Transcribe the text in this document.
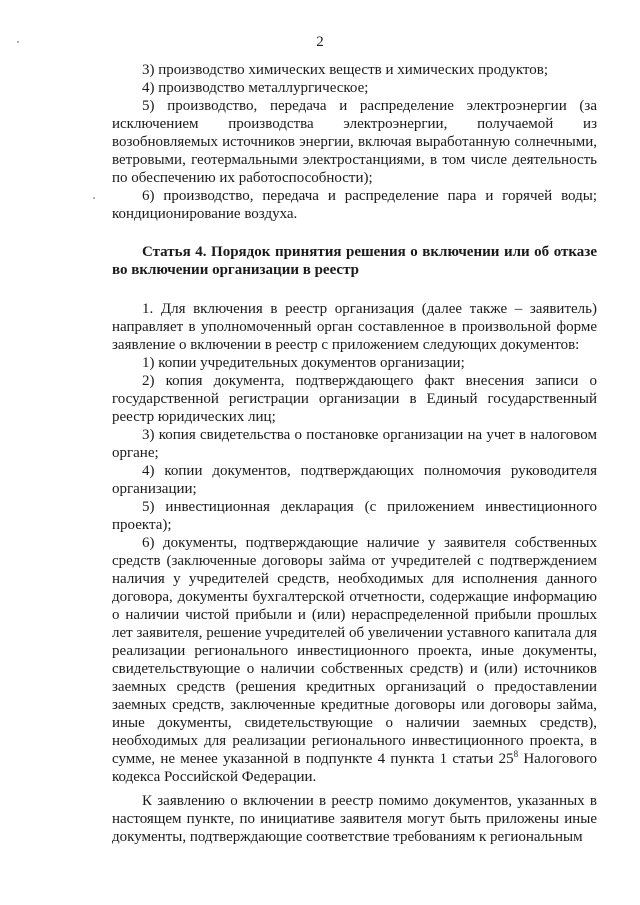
2

3) производство химических веществ и химических продуктов;

4) производство металлургическое;

5) производство, передача и распределение электроэнергии (за исключением производства электроэнергии, получаемой из возобновляемых источников энергии, включая выработанную солнечными, ветровыми, геотермальными электростанциями, в том числе деятельность по обеспечению их работоспособности);

6) производство, передача и распределение пара и горячей воды; кондиционирование воздуха.

Статья 4. Порядок принятия решения о включении или об отказе во включении организации в реестр

1. Для включения в реестр организация (далее также – заявитель) направляет в уполномоченный орган составленное в произвольной форме заявление о включении в реестр с приложением следующих документов:

1) копии учредительных документов организации;

2) копия документа, подтверждающего факт внесения записи о государственной регистрации организации в Единый государственный реестр юридических лиц;

3) копия свидетельства о постановке организации на учет в налоговом органе;

4) копии документов, подтверждающих полномочия руководителя организации;

5) инвестиционная декларация (с приложением инвестиционного проекта);

6) документы, подтверждающие наличие у заявителя собственных средств (заключенные договоры займа от учредителей с подтверждением наличия у учредителей средств, необходимых для исполнения данного договора, документы бухгалтерской отчетности, содержащие информацию о наличии чистой прибыли и (или) нераспределенной прибыли прошлых лет заявителя, решение учредителей об увеличении уставного капитала для реализации регионального инвестиционного проекта, иные документы, свидетельствующие о наличии собственных средств) и (или) источников заемных средств (решения кредитных организаций о предоставлении заемных средств, заключенные кредитные договоры или договоры займа, иные документы, свидетельствующие о наличии заемных средств), необходимых для реализации регионального инвестиционного проекта, в сумме, не менее указанной в подпункте 4 пункта 1 статьи $25^8$ Налогового кодекса Российской Федерации.

К заявлению о включении в реестр помимо документов, указанных в настоящем пункте, по инициативе заявителя могут быть приложены иные документы, подтверждающие соответствие требованиям к региональным
